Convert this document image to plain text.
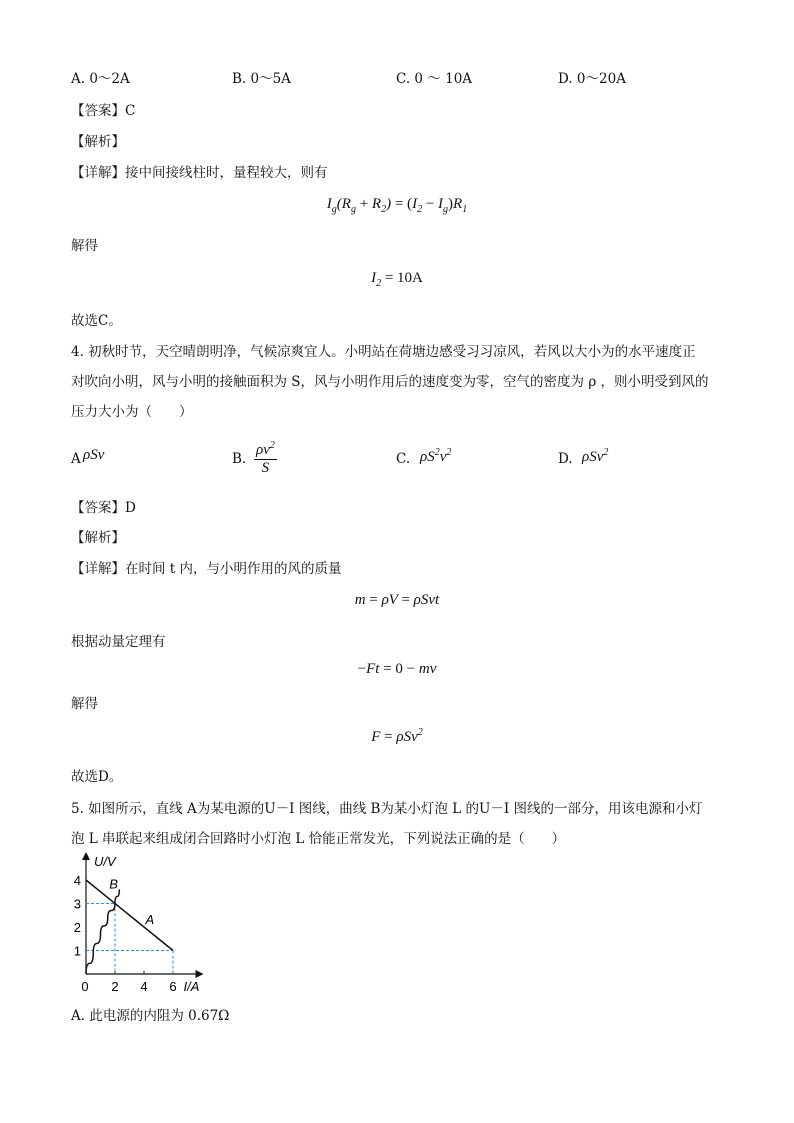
A. 0～2A	B. 0～5A	C. 0 ～ 10A	D. 0～20A
【答案】C
【解析】
【详解】接中间接线柱时，量程较大，则有
$I_g(R_g + R_2) = (I_2 - I_g)R_1$
解得
$I_2 = 10A$
故选C。
4. 初秋时节，天空晴朗明净，气候凉爽宜人。小明站在荷塘边感受习习凉风，若风以大小为的水平速度正
对吹向小明，风与小明的接触面积为 S，风与小明作用后的速度变为零，空气的密度为 ρ ，则小明受到风的
压力大小为（　　）
A ρSv	B. $\frac{\rho v^2}{S}$	C. $\rho S^2v^2$	D. ρSv$^2$
【答案】D
【解析】
【详解】在时间 t 内，与小明作用的风的质量
m = ρV = ρSvt
根据动量定理有
−Ft = 0 − mv
解得
F = ρSv$^2$
故选D。
5. 如图所示，直线 A为某电源的U－I 图线，曲线 B为某小灯泡 L 的U－I 图线的一部分，用该电源和小灯
泡 L 串联起来组成闭合回路时小灯泡 L 恰能正常发光，下列说法正确的是（　　）
1
2
3
4
0 2 4 6
U/V
I/A
A
B
A. 此电源的内阻为 0.67Ω
